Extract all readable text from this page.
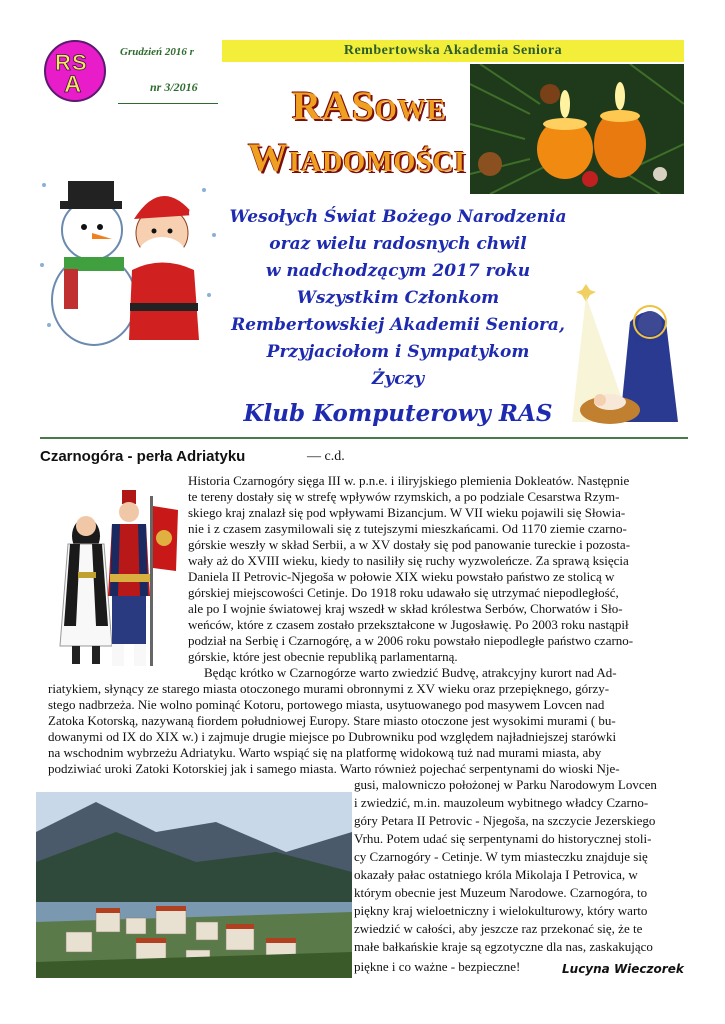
R S
A
Grudzień 2016 r
nr 3/2016
Rembertowska Akademia Seniora
RASOWE
WIADOMOŚCI
Wesołych Świat Bożego Narodzenia
oraz wielu radosnych chwil
w nadchodzącym 2017 roku
Wszystkim Członkom
Rembertowskiej Akademii Seniora,
Przyjaciołom i Sympatykom
Życzy
Klub Komputerowy RAS
Czarnogóra - perła Adriatyku	— c.d.
Historia Czarnogóry sięga III w. p.n.e. i iliryjskiego plemienia Dokleatów. Następnie
te tereny dostały się w strefę wpływów rzymskich, a po podziale Cesarstwa Rzym-
skiego kraj znalazł się pod wpływami Bizancjum. W VII wieku pojawili się Słowia-
nie i z czasem zasymilowali się z tutejszymi mieszkańcami. Od 1170 ziemie czarno-
górskie weszły w skład Serbii, a w XV dostały się pod panowanie tureckie i pozosta-
wały aż do XVIII wieku, kiedy to nasiliły się ruchy wyzwoleńcze. Za sprawą księcia
Daniela II Petrovic-Njegoša w połowie XIX wieku powstało państwo ze stolicą w
górskiej miejscowości Cetinje. Do 1918 roku udawało się utrzymać niepodległość,
ale po I wojnie światowej kraj wszedł w skład królestwa Serbów, Chorwatów i Sło-
weńców, które z czasem zostało przekształcone w Jugosławię. Po 2003 roku nastąpił
podział na Serbię i Czarnogórę, a w 2006 roku powstało niepodległe państwo czarno-
górskie, które jest obecnie republiką parlamentarną.
Będąc krótko w Czarnogórze warto zwiedzić Budvę, atrakcyjny kurort nad Ad-
riatykiem, słynący ze starego miasta otoczonego murami obronnymi z XV wieku oraz przepięknego, górzy-
stego nadbrzeża. Nie wolno pominąć Kotoru, portowego miasta, usytuowanego pod masywem Lovcen nad
Zatoka Kotorską, nazywaną fiordem południowej Europy. Stare miasto otoczone jest wysokimi murami ( bu-
dowanymi od IX do XIX w.) i zajmuje drugie miejsce po Dubrowniku pod względem najładniejszej starówki
na wschodnim wybrzeżu Adriatyku. Warto wspiąć się na platformę widokową tuż nad murami miasta, aby
podziwiać uroki Zatoki Kotorskiej jak i samego miasta. Warto również pojechać serpentynami do wioski Nje-
gusi, malowniczo położonej w Parku Narodowym Lovcen
i zwiedzić, m.in. mauzoleum wybitnego władcy Czarno-
góry Petara II Petrovic - Njegoša, na szczycie Jezerskiego
Vrhu. Potem udać się serpentynami do historycznej stoli-
cy Czarnogóry - Cetinje. W tym miasteczku znajduje się
okazały pałac ostatniego króla Mikolaja I Petrovica, w
którym obecnie jest Muzeum Narodowe. Czarnogóra, to
piękny kraj wieloetniczny i wielokulturowy, który warto
zwiedzić w całości, aby jeszcze raz przekonać się, że te
małe bałkańskie kraje są egzotyczne dla nas, zaskakująco
piękne i co ważne - bezpieczne!	Lucyna Wieczorek
